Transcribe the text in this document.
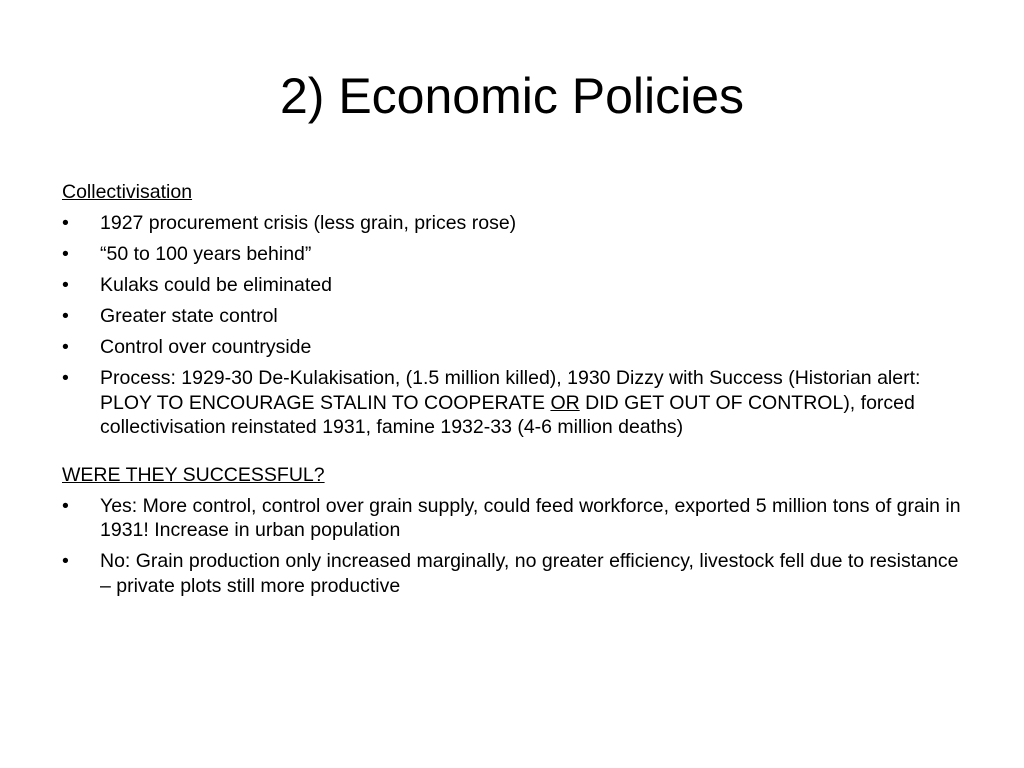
2) Economic Policies
Collectivisation
• 1927 procurement crisis (less grain, prices rose)
• “50 to 100 years behind”
• Kulaks could be eliminated
• Greater state control
• Control over countryside
• Process: 1929-30 De-Kulakisation, (1.5 million killed), 1930 Dizzy with Success (Historian alert: PLOY TO ENCOURAGE STALIN TO COOPERATE OR DID GET OUT OF CONTROL), forced collectivisation reinstated 1931, famine 1932-33 (4-6 million deaths)
WERE THEY SUCCESSFUL?
• Yes: More control, control over grain supply, could feed workforce, exported 5 million tons of grain in 1931! Increase in urban population
• No: Grain production only increased marginally, no greater efficiency, livestock fell due to resistance – private plots still more productive
